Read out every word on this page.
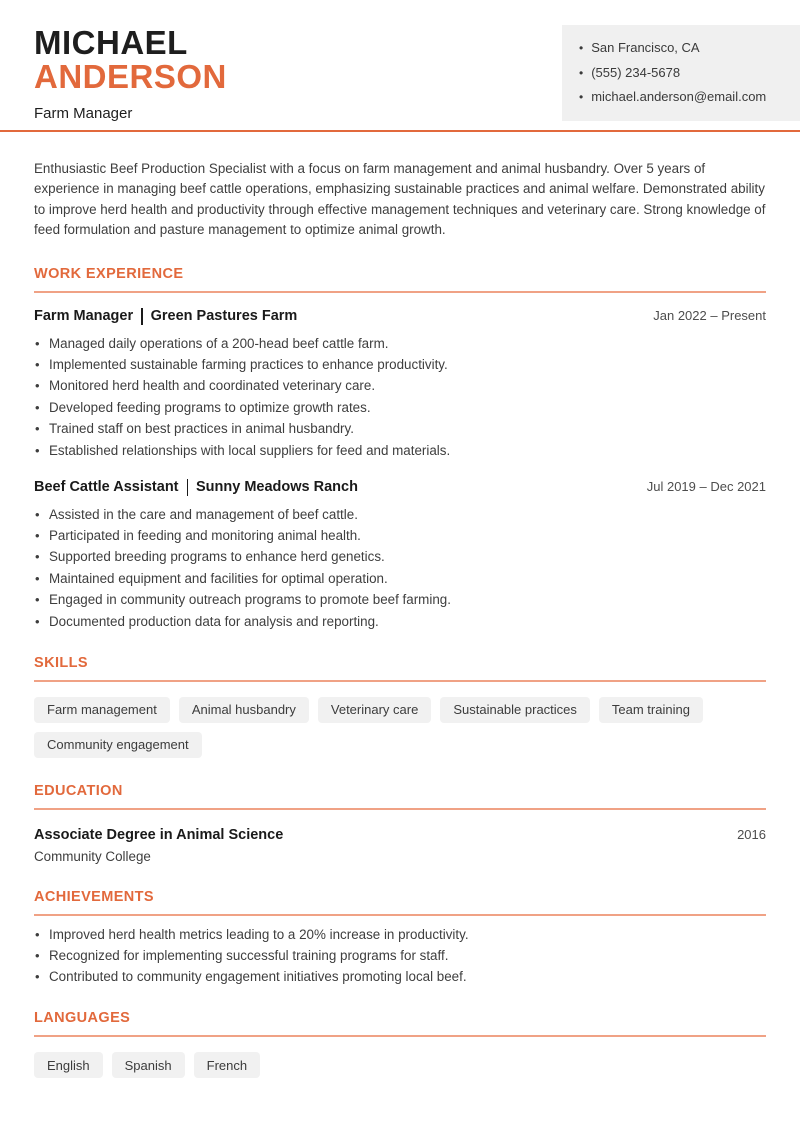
MICHAEL
ANDERSON
Farm Manager
• San Francisco, CA
• (555) 234-5678
• michael.anderson@email.com

Enthusiastic Beef Production Specialist with a focus on farm management and animal husbandry. Over 5 years of experience in managing beef cattle operations, emphasizing sustainable practices and animal welfare. Demonstrated ability to improve herd health and productivity through effective management techniques and veterinary care. Strong knowledge of feed formulation and pasture management to optimize animal growth.

WORK EXPERIENCE
Farm Manager Green Pastures Farm	Jan 2022 – Present
• Managed daily operations of a 200-head beef cattle farm.
• Implemented sustainable farming practices to enhance productivity.
• Monitored herd health and coordinated veterinary care.
• Developed feeding programs to optimize growth rates.
• Trained staff on best practices in animal husbandry.
• Established relationships with local suppliers for feed and materials.
Beef Cattle Assistant Sunny Meadows Ranch	Jul 2019 – Dec 2021
• Assisted in the care and management of beef cattle.
• Participated in feeding and monitoring animal health.
• Supported breeding programs to enhance herd genetics.
• Maintained equipment and facilities for optimal operation.
• Engaged in community outreach programs to promote beef farming.
• Documented production data for analysis and reporting.
SKILLS
Farm management	Animal husbandry	Veterinary care	Sustainable practices	Team training
Community engagement
EDUCATION
Associate Degree in Animal Science
Community College
2016
ACHIEVEMENTS
• Improved herd health metrics leading to a 20% increase in productivity.
• Recognized for implementing successful training programs for staff.
• Contributed to community engagement initiatives promoting local beef.
LANGUAGES
English	Spanish	French
